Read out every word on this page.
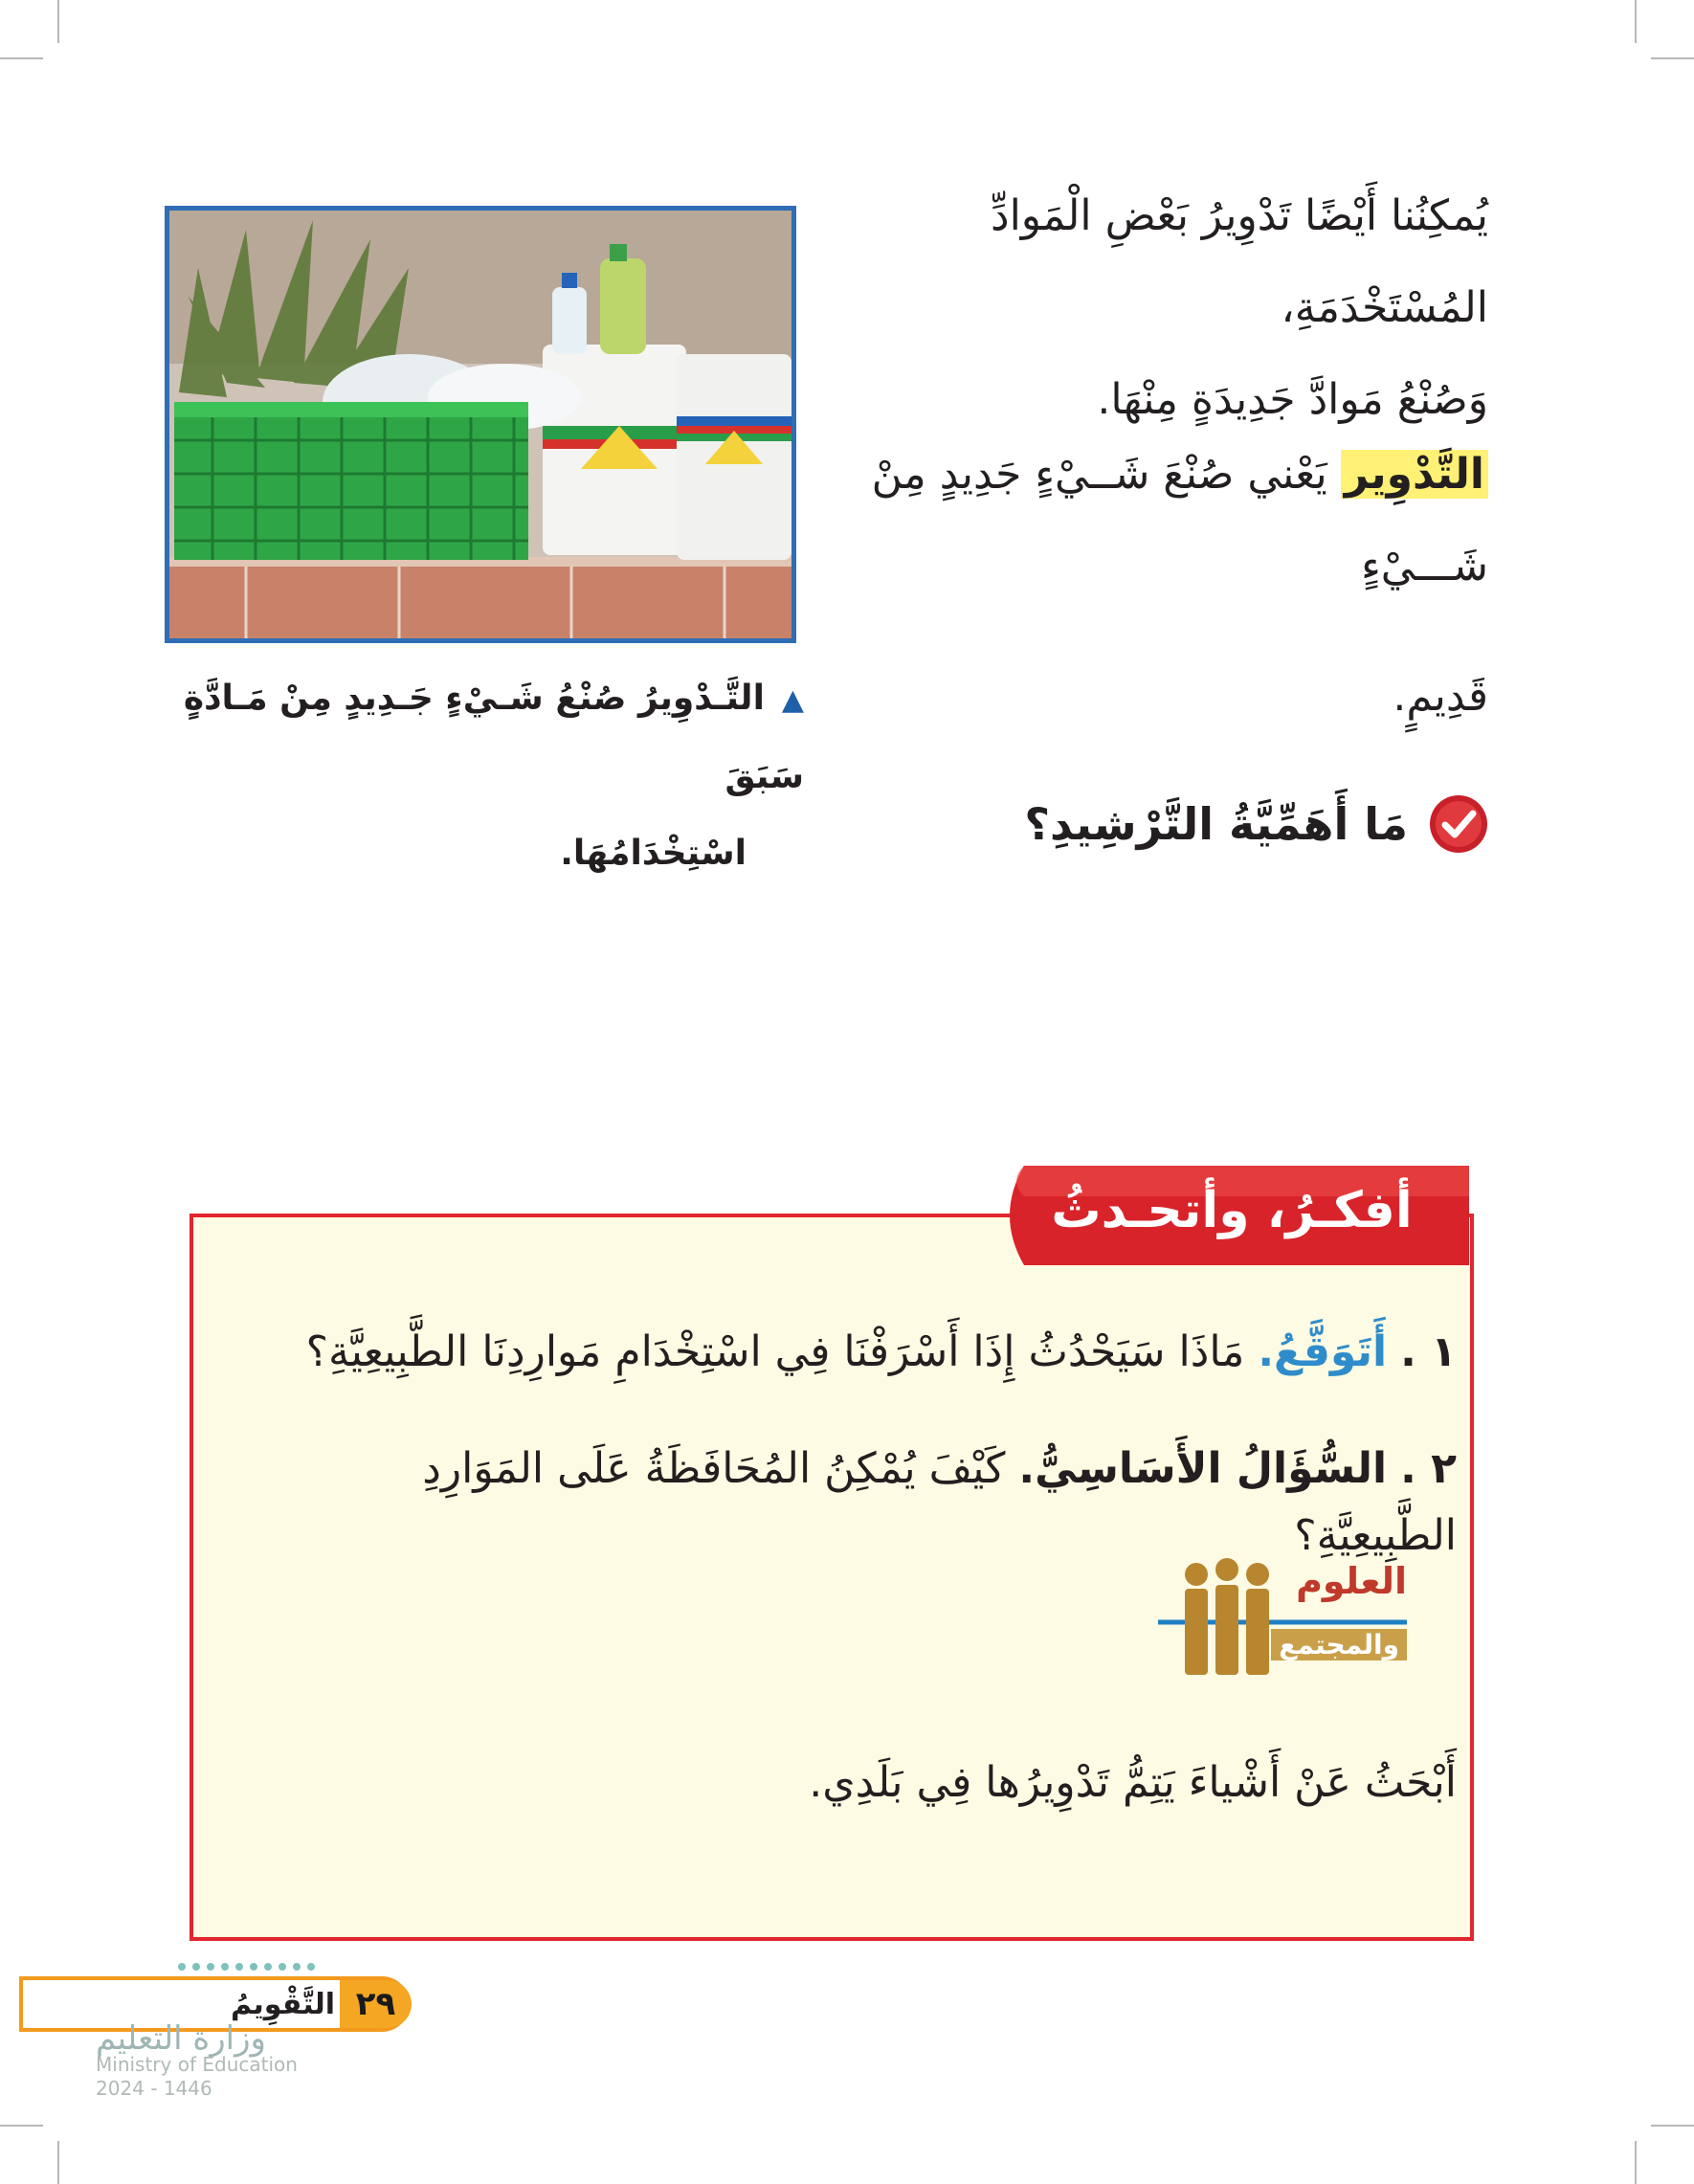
يُمكِنُنا أَيْضًا تَدْوِيرُ بَعْضِ الْمَوادِّ المُسْتَخْدَمَةِ،
وَصُنْعُ مَوادَّ جَدِيدَةٍ مِنْهَا.
التَّدْوِيرُ يَعْني صُنْعَ شَــيْءٍ جَدِيدٍ مِنْ شَـــيْءٍ
قَدِيمٍ.
▲التَّـدْوِيرُ صُنْعُ شَـيْءٍ جَـدِيدٍ مِنْ مَـادَّةٍ سَبَقَ
اسْتِخْدَامُهَا.
مَا أَهَمِّيَّةُ التَّرْشِيدِ؟
أفكـرُ، وأتحـدثُ
١ . أَتَوَقَّعُ. مَاذَا سَيَحْدُثُ إِذَا أَسْرَفْنَا فِي اسْتِخْدَامِ مَوارِدِنَا الطَّبِيعِيَّةِ؟
٢ . السُّؤَالُ الأَسَاسِيُّ. كَيْفَ يُمْكِنُ المُحَافَظَةُ عَلَى المَوَارِدِ الطَّبِيعِيَّةِ؟
العلوم
والمجتمع
أَبْحَثُ عَنْ أَشْياءَ يَتِمُّ تَدْوِيرُها فِي بَلَدِي.
٢٩
التَّقْوِيمُ
وزارة التعليم
Ministry of Education
2024 - 1446
